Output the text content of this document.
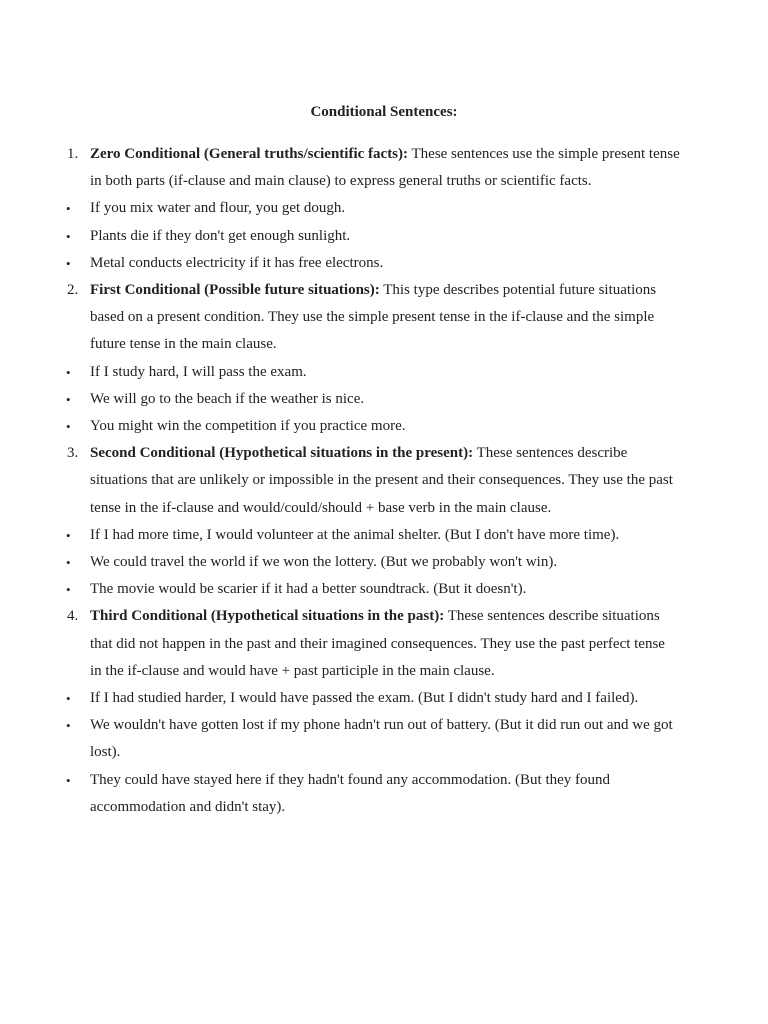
Conditional Sentences:
1. Zero Conditional (General truths/scientific facts): These sentences use the simple present tense in both parts (if-clause and main clause) to express general truths or scientific facts.
•	If you mix water and flour, you get dough.
•	Plants die if they don't get enough sunlight.
•	Metal conducts electricity if it has free electrons.
2. First Conditional (Possible future situations): This type describes potential future situations based on a present condition. They use the simple present tense in the if-clause and the simple future tense in the main clause.
•	If I study hard, I will pass the exam.
•	We will go to the beach if the weather is nice.
•	You might win the competition if you practice more.
3. Second Conditional (Hypothetical situations in the present): These sentences describe situations that are unlikely or impossible in the present and their consequences. They use the past tense in the if-clause and would/could/should + base verb in the main clause.
•	If I had more time, I would volunteer at the animal shelter. (But I don't have more time).
•	We could travel the world if we won the lottery. (But we probably won't win).
•	The movie would be scarier if it had a better soundtrack. (But it doesn't).
4. Third Conditional (Hypothetical situations in the past): These sentences describe situations that did not happen in the past and their imagined consequences. They use the past perfect tense in the if-clause and would have + past participle in the main clause.
•	If I had studied harder, I would have passed the exam. (But I didn't study hard and I failed).
•	We wouldn't have gotten lost if my phone hadn't run out of battery. (But it did run out and we got lost).
•	They could have stayed here if they hadn't found any accommodation. (But they found accommodation and didn't stay).
